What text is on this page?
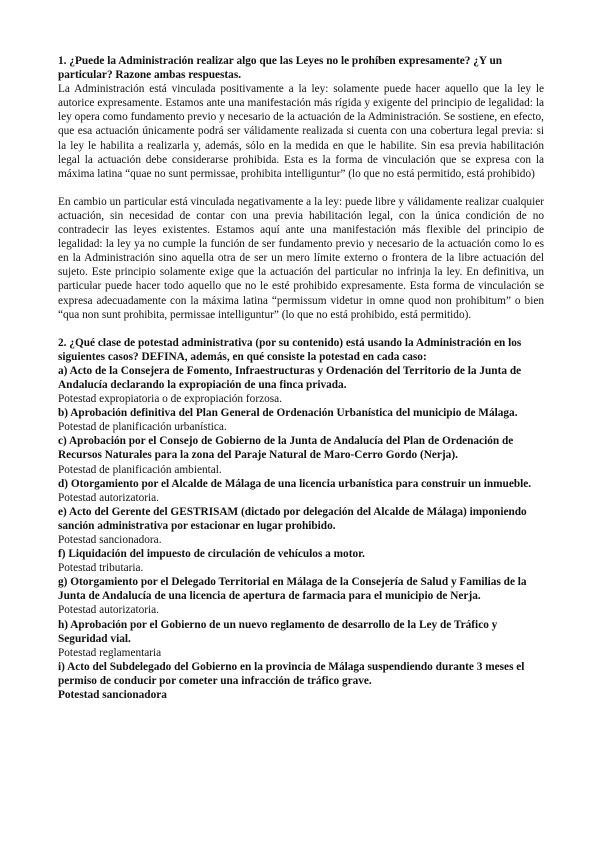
1. ¿Puede la Administración realizar algo que las Leyes no le prohíben expresamente? ¿Y un particular? Razone ambas respuestas.

La Administración está vinculada positivamente a la ley: solamente puede hacer aquello que la ley le autorice expresamente. Estamos ante una manifestación más rígida y exigente del principio de legalidad: la ley opera como fundamento previo y necesario de la actuación de la Administración. Se sostiene, en efecto, que esa actuación únicamente podrá ser válidamente realizada si cuenta con una cobertura legal previa: si la ley le habilita a realizarla y, además, sólo en la medida en que le habilite. Sin esa previa habilitación legal la actuación debe considerarse prohibida. Esta es la forma de vinculación que se expresa con la máxima latina “quae no sunt permissae, prohibita intelliguntur” (lo que no está permitido, está prohibido)

En cambio un particular está vinculada negativamente a la ley: puede libre y válidamente realizar cualquier actuación, sin necesidad de contar con una previa habilitación legal, con la única condición de no contradecir las leyes existentes. Estamos aquí ante una manifestación más flexible del principio de legalidad: la ley ya no cumple la función de ser fundamento previo y necesario de la actuación como lo es en la Administración sino aquella otra de ser un mero límite externo o frontera de la libre actuación del sujeto. Este principio solamente exige que la actuación del particular no infrinja la ley. En definitiva, un particular puede hacer todo aquello que no le esté prohibido expresamente. Esta forma de vinculación se expresa adecuadamente con la máxima latina “permissum videtur in omne quod non prohibitum” o bien “qua non sunt prohibita, permissae intelliguntur” (lo que no está prohibido, está permitido).

2. ¿Qué clase de potestad administrativa (por su contenido) está usando la Administración en los siguientes casos? DEFINA, además, en qué consiste la potestad en cada caso:

a) Acto de la Consejera de Fomento, Infraestructuras y Ordenación del Territorio de la Junta de Andalucía declarando la expropiación de una finca privada.

Potestad expropiatoria o de expropiación forzosa.

b) Aprobación definitiva del Plan General de Ordenación Urbanística del municipio de Málaga.

Potestad de planificación urbanística.

c) Aprobación por el Consejo de Gobierno de la Junta de Andalucía del Plan de Ordenación de Recursos Naturales para la zona del Paraje Natural de Maro-Cerro Gordo (Nerja).

Potestad de planificación ambiental.

d) Otorgamiento por el Alcalde de Málaga de una licencia urbanística para construir un inmueble.

Potestad autorizatoria.

e) Acto del Gerente del GESTRISAM (dictado por delegación del Alcalde de Málaga) imponiendo sanción administrativa por estacionar en lugar prohibido.

Potestad sancionadora.

f) Liquidación del impuesto de circulación de vehículos a motor.

Potestad tributaria.

g) Otorgamiento por el Delegado Territorial en Málaga de la Consejería de Salud y Familias de la Junta de Andalucía de una licencia de apertura de farmacia para el municipio de Nerja.

Potestad autorizatoria.

h) Aprobación por el Gobierno de un nuevo reglamento de desarrollo de la Ley de Tráfico y Seguridad vial.

Potestad reglamentaria

i) Acto del Subdelegado del Gobierno en la provincia de Málaga suspendiendo durante 3 meses el permiso de conducir por cometer una infracción de tráfico grave.

Potestad sancionadora
